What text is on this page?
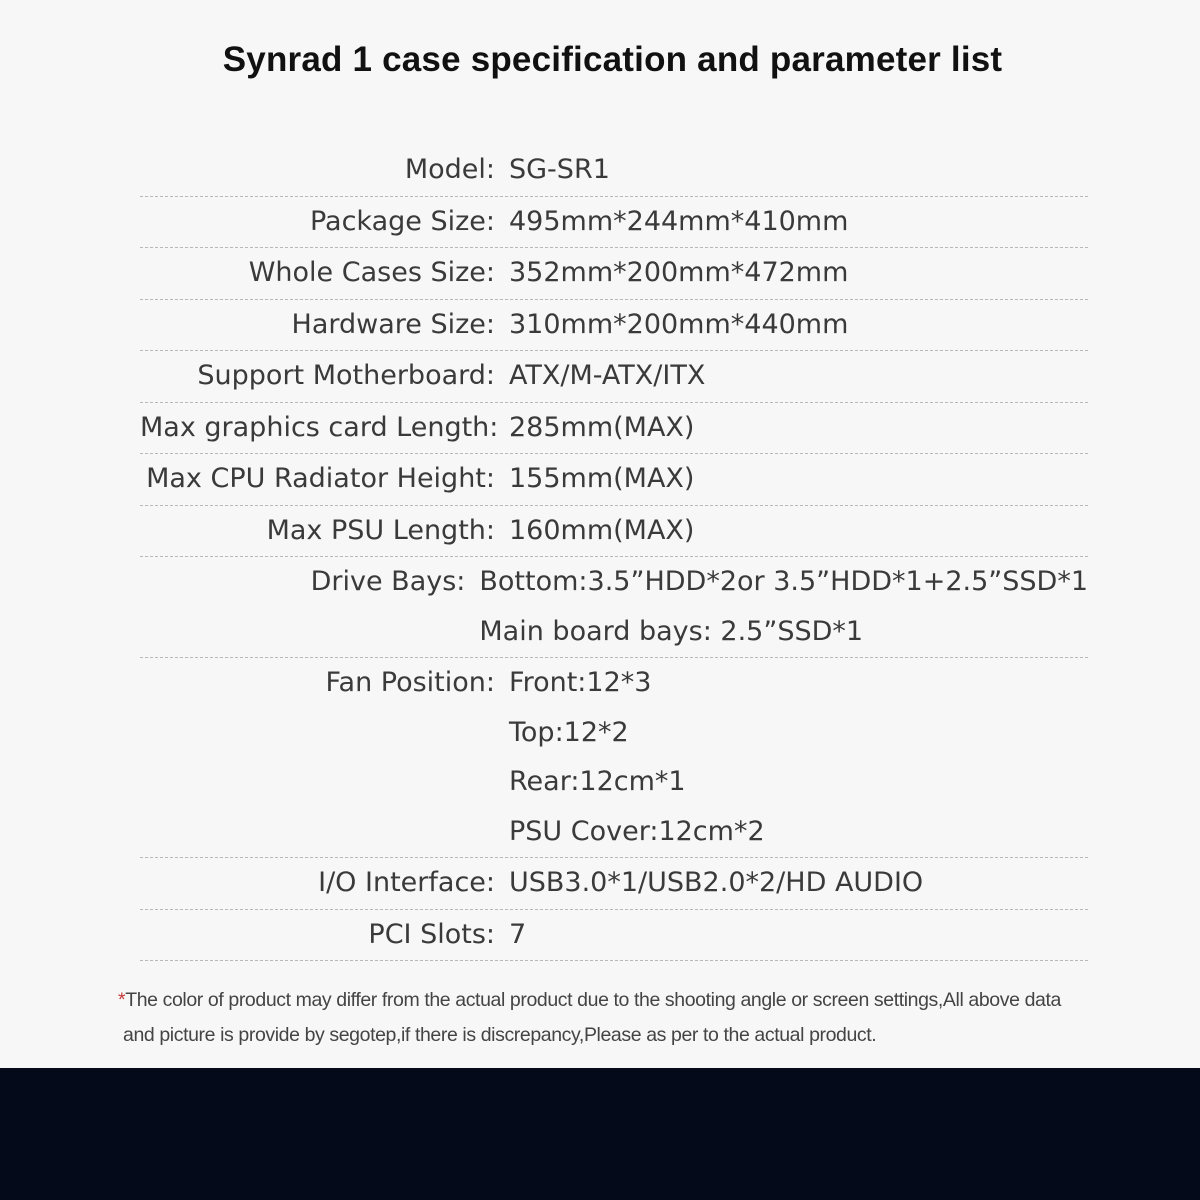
Synrad 1 case specification and parameter list
Model: SG-SR1
Package Size: 495mm*244mm*410mm
Whole Cases Size: 352mm*200mm*472mm
Hardware Size: 310mm*200mm*440mm
Support Motherboard: ATX/M-ATX/ITX
Max graphics card Length: 285mm(MAX)
Max CPU Radiator Height: 155mm(MAX)
Max PSU Length: 160mm(MAX)
Drive Bays: Bottom:3.5”HDD*2or 3.5”HDD*1+2.5”SSD*1
Main board bays: 2.5”SSD*1
Fan Position: Front:12*3
Top:12*2
Rear:12cm*1
PSU Cover:12cm*2
I/O Interface: USB3.0*1/USB2.0*2/HD AUDIO
PCI Slots: 7
*The color of product may differ from the actual product due to the shooting angle or screen settings,All above data
and picture is provide by segotep,if there is discrepancy,Please as per to the actual product.
